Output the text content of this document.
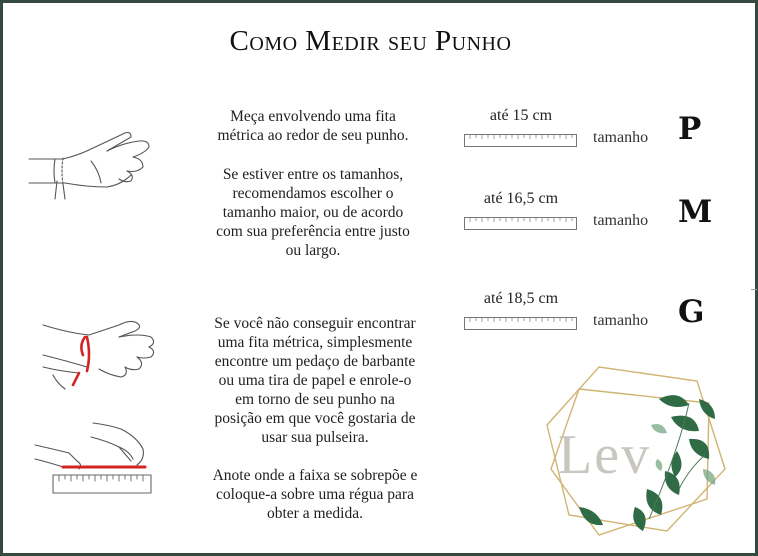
Como Medir seu Punho
Meça envolvendo uma fita
métrica ao redor de seu punho.
Se estiver entre os tamanhos,
recomendamos escolher o
tamanho maior, ou de acordo
com sua preferência entre justo
ou largo.
Se você não conseguir encontrar
uma fita métrica, simplesmente
encontre um pedaço de barbante
ou uma tira de papel e enrole-o
em torno de seu punho na
posição em que você gostaria de
usar sua pulseira.
Anote onde a faixa se sobrepõe e
coloque-a sobre uma régua para
obter a medida.
até 15 cm
tamanho P
até 16,5 cm
tamanho M
até 18,5 cm
tamanho G
Lev
